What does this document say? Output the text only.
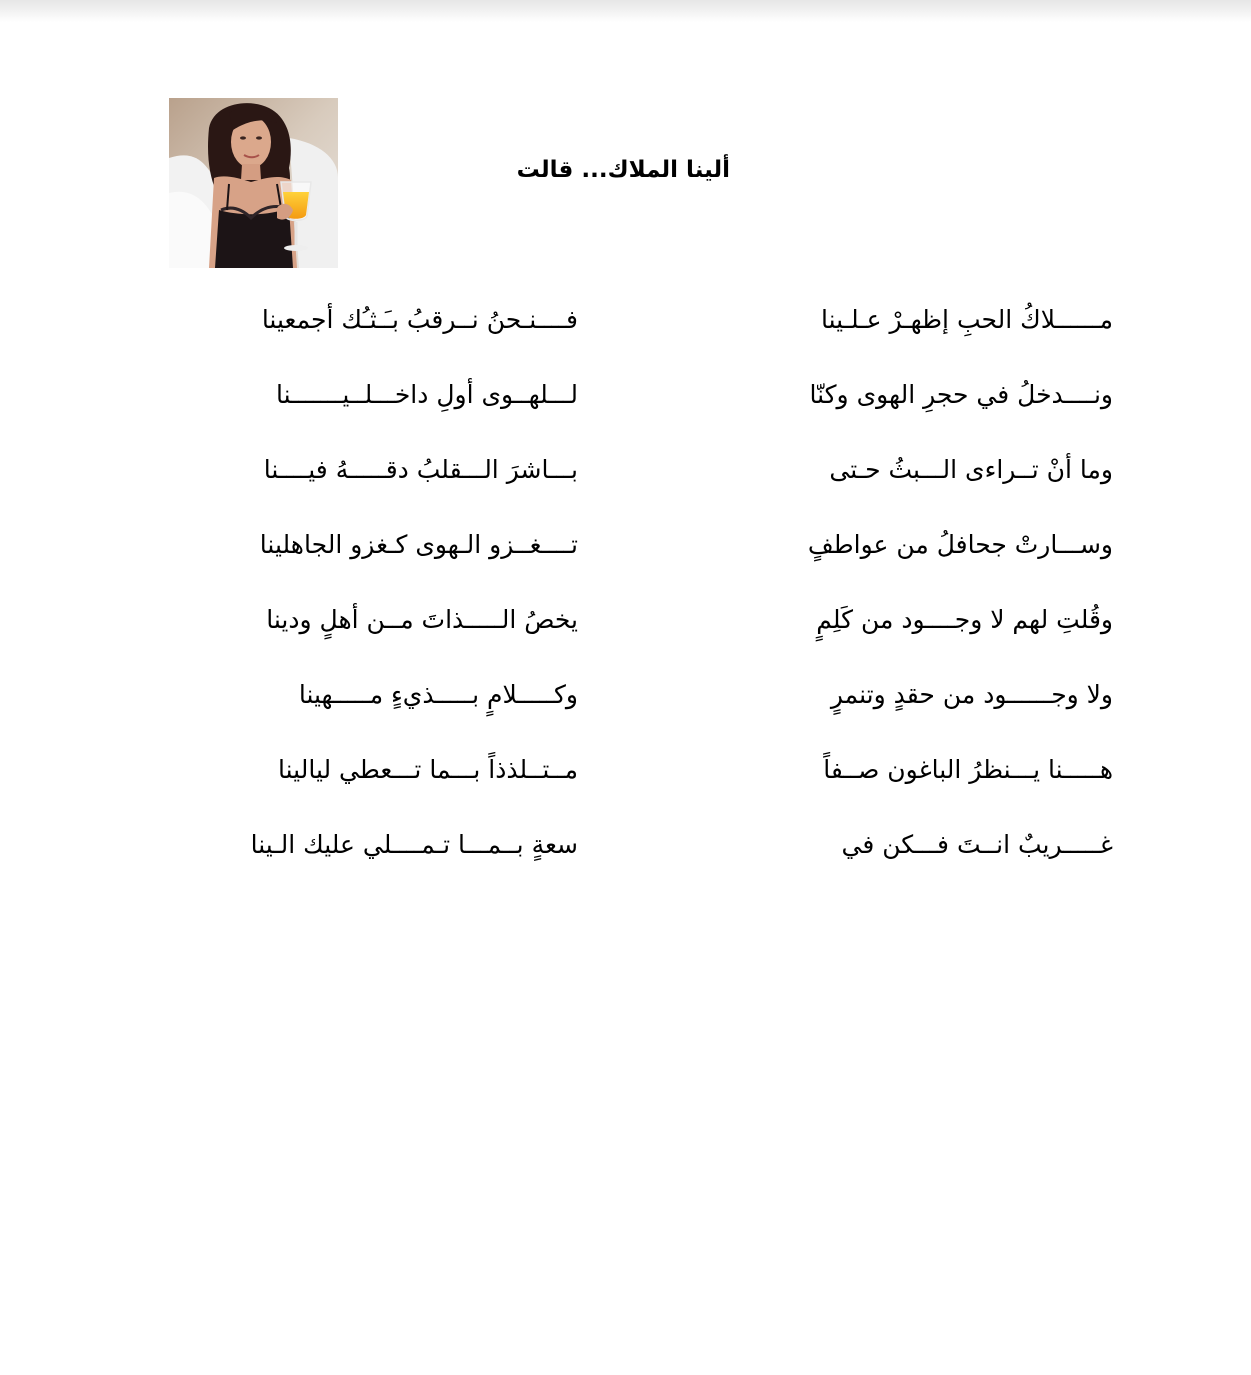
ألينا الملاك... قالت
مــــــلاكُ الحبِ إظهـرْ عـلـينا
فــــنـحنُ نــرقبُ بـَـثـُك أجمعينا
ونــــدخلُ في حجرِ الهوى وكنّا
لـــلهــوى أولِ داخـــلــيـــــــنا
وما أنْ تــراءى الـــبثُ حـتى
بـــاشرَ الـــقلبُ دقـــــهُ فيــــنا
وســـارتْ جحافلُ من عواطفٍ
تــــغــزو الـهوى كـغزو الجاهلينا
وقُلتِ لهم لا وجــــود من كَلِمٍ
يخصُ الـــــذاتَ مــن أهلٍ ودينا
ولا وجــــــود من حقدٍ وتنمرٍ
وكـــــلامٍ بـــــذيءٍ مـــــهينا
هـــــنا يـــنظرُ الباغون صــفاً
مــتــلذذاً بـــما تـــعطي ليالينا
غـــــريبٌ انــتَ فـــكن في
سعةٍ بــمـــا تـمــــلي عليك الـينا
